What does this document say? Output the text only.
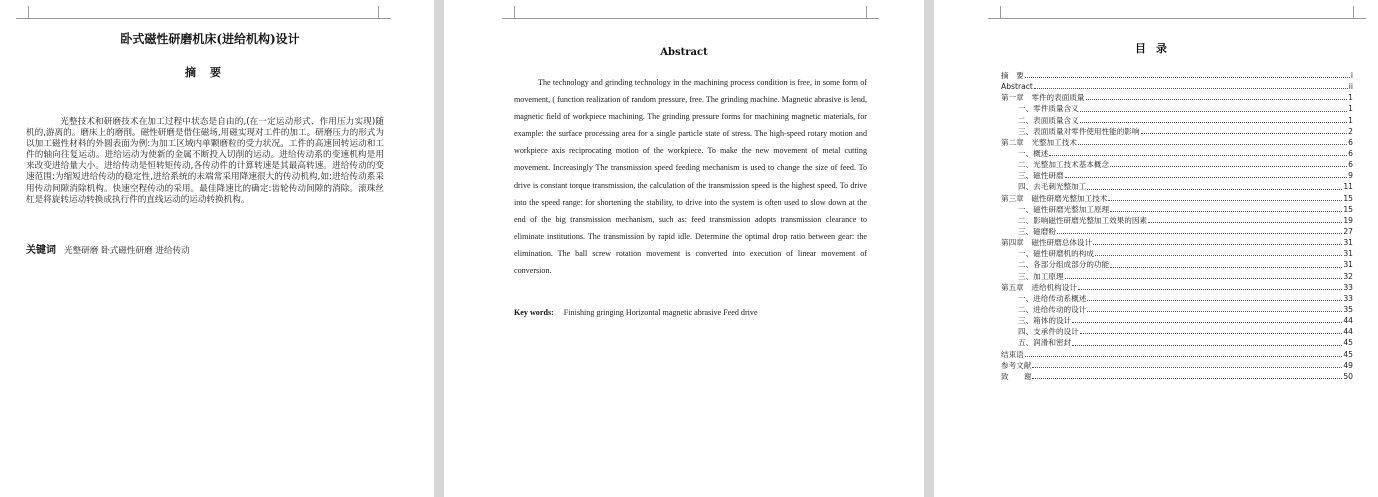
卧式磁性研磨机床(进给机构)设计
摘要
光整技术和研磨技术在加工过程中状态是自由的,(在一定运动形式、作用压力实现)随机的,游离的。磨床上的磨削。磁性研磨是借住磁场,用磁实现对工件的加工。研磨压力的形式为以加工磁性材料的外圆表面为例:为加工区域内单颗磨粒的受力状况。工件的高速回转运动和工件的轴向往复运动。进给运动为使新的金属不断投入切削的运动。进给传动系的变速机构是用来改变进给量大小。进给传动是恒转矩传动,各传动件的计算转速是其最高转速。进给传动的变速范围:为缩短进给传动的稳定性,进给系统的末端常采用降速很大的传动机构,如:进给传动系采用传动间隙消除机构。快速空程传动的采用。最佳降速比的确定:齿轮传动间隙的消除。滚珠丝杠是将旋转运动转换成执行件的直线运动的运动转换机构。
关键词 光整研磨 卧式磁性研磨 进给传动
Abstract
The technology and grinding technology in the machining process condition is free, in some form of movement, ( function realization of random pressure, free. The grinding machine. Magnetic abrasive is lend, magnetic field of workpiece machining. The grinding pressure forms for machining magnetic materials, for example: the surface processing area for a single particle state of stress. The high-speed rotary motion and workpiece axis reciprocating motion of the workpiece. To make the new movement of metal cutting movement. Increasingly The transmission speed feeding mechanism is used to change the size of feed. To drive is constant torque transmission, the calculation of the transmission speed is the highest speed. To drive into the speed range: for shortening the stability, to drive into the system is often used to slow down at the end of the big transmission mechanism, such as: feed transmission adopts transmission clearance to eliminate institutions. The transmission by rapid idle. Determine the optimal drop ratio between gear: the elimination. The ball screw rotation movement is converted into execution of linear movement of conversion.
Key words: Finishing gringing Horizontal magnetic abrasive Feed drive
目录
摘　要	i
Abstract	ii
第一章　零件的表面质量	1
一、零件质量含义	1
二、表面质量含义	1
三、表面质量对零件使用性能的影响	2
第二章　光整加工技术	6
一、概述	6
二、光整加工技术基本概念	6
三、磁性研磨	9
四、去毛刺光整加工	11
第三章　磁性研磨光整加工技术	15
一、磁性研磨光整加工原理	15
二、影响磁性研磨光整加工效果的因素	19
三、磁磨粉	27
第四章　磁性研磨总体设计	31
一、磁性研磨机的构成	31
二、各部分组成部分的功能	31
三、加工原理	32
第五章　进给机构设计	33
一、进给传动系概述	33
二、进给传动的设计	35
三、箱体的设计	44
四、支承件的设计	44
五、润滑和密封	45
结束语	45
参考文献	49
致　　谢	50
